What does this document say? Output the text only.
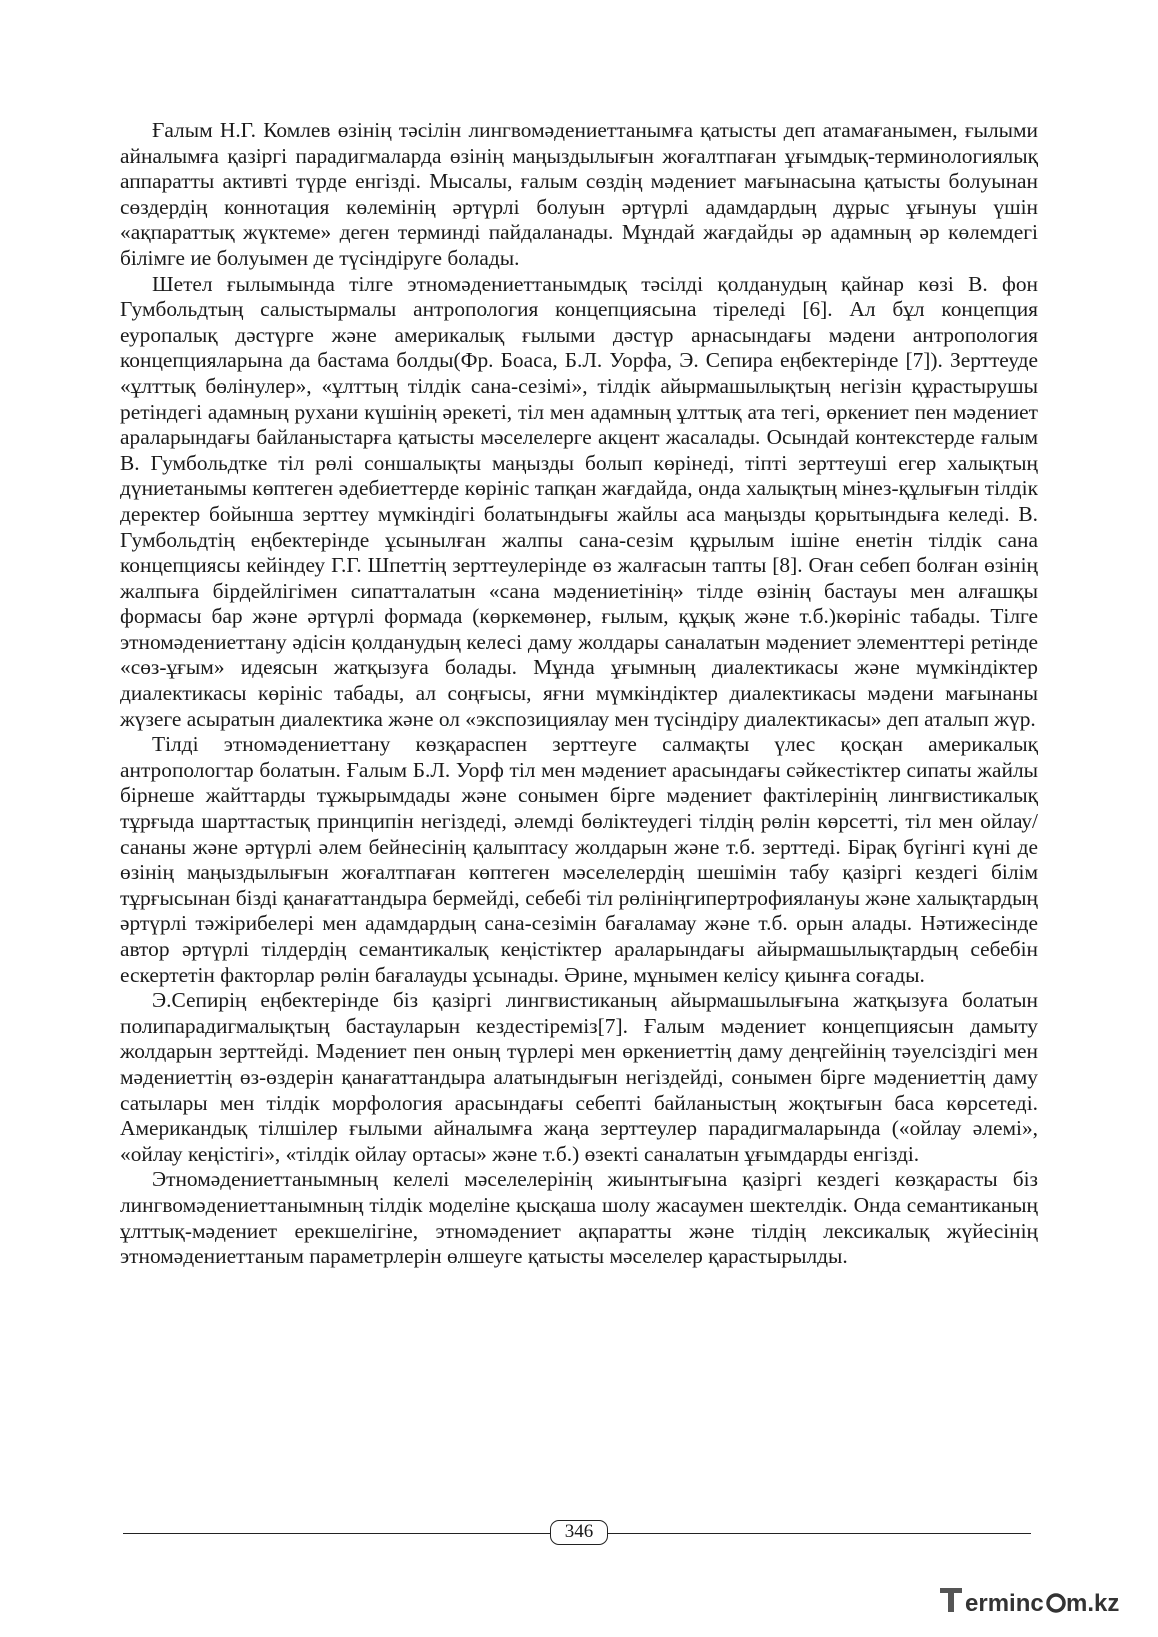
Ғалым Н.Г. Комлев өзінің тәсілін лингвомәдениеттанымға қатысты деп атамағанымен, ғылыми айналымға қазіргі парадигмаларда өзінің маңыздылығын жоғалтпаған ұғымдық-терминологиялық аппаратты активті түрде енгізді. Мысалы, ғалым сөздің мәдениет мағынасына қатысты болуынан сөздердің коннотация көлемінің әртүрлі болуын әртүрлі адамдардың дұрыс ұғынуы үшін «ақпараттық жүктеме» деген терминді пайдаланады. Мұндай жағдайды әр адамның әр көлемдегі білімге ие болуымен де түсіндіруге болады.

Шетел ғылымында тілге этномәдениеттанымдық тәсілді қолданудың қайнар көзі В. фон Гумбольдтың салыстырмалы антропология концепциясына тіреледі [6]. Ал бұл концепция еуропалық дәстүрге және америкалық ғылыми дәстүр арнасындағы мәдени антропология концепцияларына да бастама болды(Фр. Боаса, Б.Л. Уорфа, Э. Сепира еңбектерінде [7]). Зерттеуде «ұлттық бөлінулер», «ұлттың тілдік сана-сезімі», тілдік айырмашылықтың негізін құрастырушы ретіндегі адамның рухани күшінің әрекеті, тіл мен адамның ұлттық ата тегі, өркениет пен мәдениет араларындағы байланыстарға қатысты мәселелерге акцент жасалады. Осындай контекстерде ғалым В. Гумбольдтке тіл рөлі соншалықты маңызды болып көрінеді, тіпті зерттеуші егер халықтың дүниетанымы көптеген әдебиеттерде көрініс тапқан жағдайда, онда халықтың мінез-құлығын тілдік деректер бойынша зерттеу мүмкіндігі болатындығы жайлы аса маңызды қорытындыға келеді. В. Гумбольдтің еңбектерінде ұсынылған жалпы сана-сезім құрылым ішіне енетін тілдік сана концепциясы кейіндеу Г.Г. Шпеттің зерттеулерінде өз жалғасын тапты [8]. Оған себеп болған өзінің жалпыға бірдейлігімен сипатталатын «сана мәдениетінің» тілде өзінің бастауы мен алғашқы формасы бар және әртүрлі формада (көркемөнер, ғылым, құқық және т.б.)көрініс табады. Тілге этномәдениеттану әдісін қолданудың келесі даму жолдары саналатын мәдениет элементтері ретінде «сөз-ұғым» идеясын жатқызуға болады. Мұнда ұғымның диалектикасы және мүмкіндіктер диалектикасы көрініс табады, ал соңғысы, яғни мүмкіндіктер диалектикасы мәдени мағынаны жүзеге асыратын диалектика және ол «экспозициялау мен түсіндіру диалектикасы» деп аталып жүр.

Тілді этномәдениеттану көзқараспен зерттеуге салмақты үлес қосқан америкалық антропологтар болатын. Ғалым Б.Л. Уорф тіл мен мәдениет арасындағы сәйкестіктер сипаты жайлы бірнеше жайттарды тұжырымдады және сонымен бірге мәдениет фактілерінің лингвистикалық тұрғыда шарттастық принципін негіздеді, әлемді бөліктеудегі тілдің рөлін көрсетті, тіл мен ойлау/сананы және әртүрлі әлем бейнесінің қалыптасу жолдарын және т.б. зерттеді. Бірақ бүгінгі күні де өзінің маңыздылығын жоғалтпаған көптеген мәселелердің шешімін табу қазіргі кездегі білім тұрғысынан бізді қанағаттандыра бермейді, себебі тіл рөлініңгипертрофиялануы және халықтардың әртүрлі тәжірибелері мен адамдардың сана-сезімін бағаламау және т.б. орын алады. Нәтижесінде автор әртүрлі тілдердің семантикалық кеңістіктер араларындағы айырмашылықтардың себебін ескертетін факторлар рөлін бағалауды ұсынады. Әрине, мұнымен келісу қиынға соғады.

Э.Сепирің еңбектерінде біз қазіргі лингвистиканың айырмашылығына жатқызуға болатын полипарадигмалықтың бастауларын кездестіреміз[7]. Ғалым мәдениет концепциясын дамыту жолдарын зерттейді. Мәдениет пен оның түрлері мен өркениеттің даму деңгейінің тәуелсіздігі мен мәдениеттің өз-өздерін қанағаттандыра алатындығын негіздейді, сонымен бірге мәдениеттің даму сатылары мен тілдік морфология арасындағы себепті байланыстың жоқтығын баса көрсетеді. Американдық тілшілер ғылыми айналымға жаңа зерттеулер парадигмаларында («ойлау әлемі», «ойлау кеңістігі», «тілдік ойлау ортасы» және т.б.) өзекті саналатын ұғымдарды енгізді.

Этномәдениеттанымның келелі мәселелерінің жиынтығына қазіргі кездегі көзқарасты біз лингвомәдениеттанымның тілдік моделіне қысқаша шолу жасаумен шектелдік. Онда семантиканың ұлттық-мәдениет ерекшелігіне, этномәдениет ақпаратты және тілдің лексикалық жүйесінің этномәдениеттаным параметрлерін өлшеуге қатысты мәселелер қарастырылды.

346
erminc m.kz
